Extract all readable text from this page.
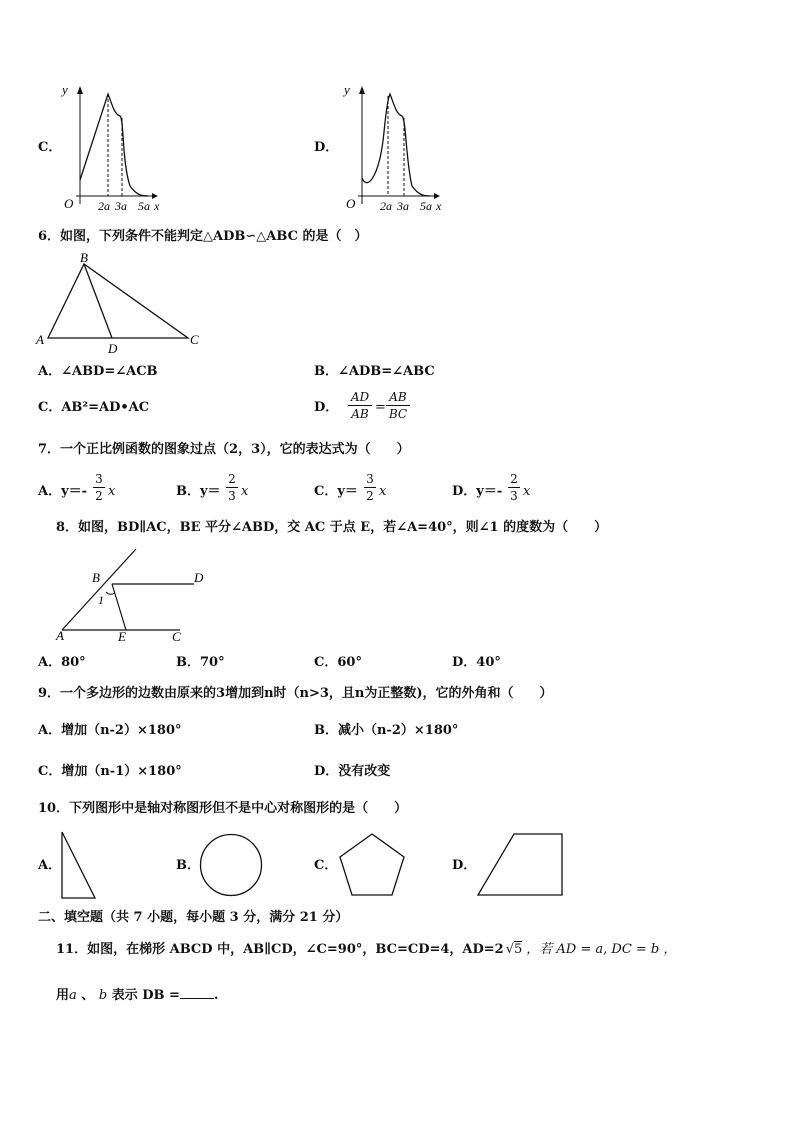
C．
y
O 2a 3a 5a x
D．
y
O 2a 3a 5a x
6．如图，下列条件不能判定△ADB∽△ABC 的是（　）
A
B
C
D
A．∠ABD=∠ACB	B．∠ADB=∠ABC
C．AB²=AD•AC	D．
AD
AB =
AB
BC
7．一个正比例函数的图象过点（2，3），它的表达式为（　　）
A．y＝-
3
2 x	B．y＝
2
3 x	C．y＝
3
2 x	D．y＝-
2
3 x
8．如图，BD∥AC，BE 平分∠ABD，交 AC 于点 E，若∠A=40°，则∠1 的度数为（　　）
B	D
A	E	C
1
A．80°	B．70°	C．60°	D．40°
9．一个多边形的边数由原来的3增加到n时（n>3，且n为正整数)，它的外角和（　　）
A．增加（n-2）×180°	B．减小（n-2）×180°
C．增加（n-1）×180°	D．没有改变
10．下列图形中是轴对称图形但不是中心对称图形的是（　　）
A．	B．	C．	D．
二、填空题（共 7 小题，每小题 3 分，满分 21 分）
11．如图，在梯形 ABCD 中，AB∥CD，∠C=90°，BC=CD=4，AD=2 √5 ，若 AD = a, DC = b ，
用a 、 b 表示 DB =	.
